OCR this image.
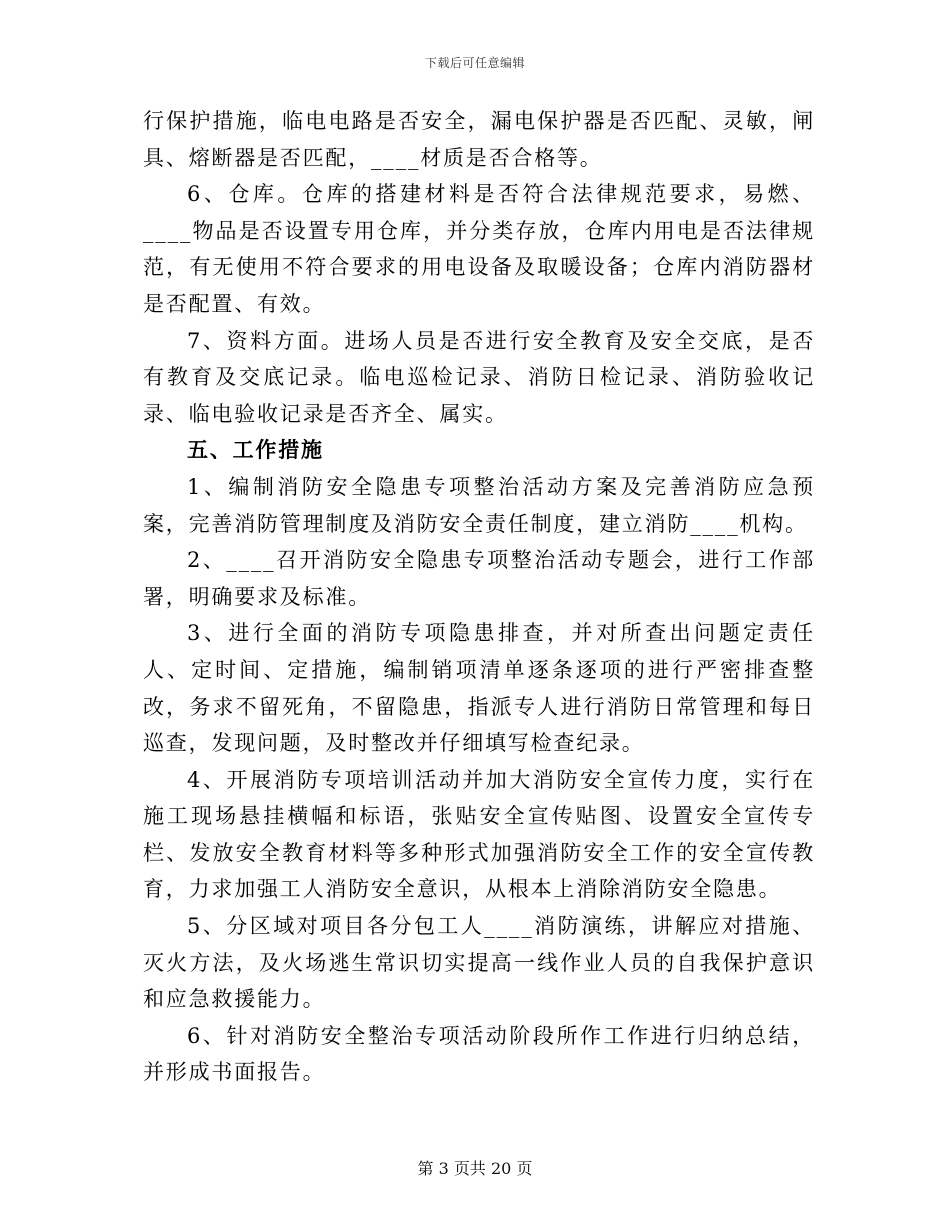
下载后可任意编辑

行保护措施，临电电路是否安全，漏电保护器是否匹配、灵敏，闸具、熔断器是否匹配，____材质是否合格等。

6、仓库。仓库的搭建材料是否符合法律规范要求，易燃、____物品是否设置专用仓库，并分类存放，仓库内用电是否法律规范，有无使用不符合要求的用电设备及取暖设备；仓库内消防器材是否配置、有效。

7、资料方面。进场人员是否进行安全教育及安全交底，是否有教育及交底记录。临电巡检记录、消防日检记录、消防验收记录、临电验收记录是否齐全、属实。

五、工作措施

1、编制消防安全隐患专项整治活动方案及完善消防应急预案，完善消防管理制度及消防安全责任制度，建立消防____机构。

2、____召开消防安全隐患专项整治活动专题会，进行工作部署，明确要求及标准。

3、进行全面的消防专项隐患排查，并对所查出问题定责任人、定时间、定措施，编制销项清单逐条逐项的进行严密排查整改，务求不留死角，不留隐患，指派专人进行消防日常管理和每日巡查，发现问题，及时整改并仔细填写检查纪录。

4、开展消防专项培训活动并加大消防安全宣传力度，实行在施工现场悬挂横幅和标语，张贴安全宣传贴图、设置安全宣传专栏、发放安全教育材料等多种形式加强消防安全工作的安全宣传教育，力求加强工人消防安全意识，从根本上消除消防安全隐患。

5、分区域对项目各分包工人____消防演练，讲解应对措施、灭火方法，及火场逃生常识切实提高一线作业人员的自我保护意识和应急救援能力。

6、针对消防安全整治专项活动阶段所作工作进行归纳总结，并形成书面报告。

第 3 页共 20 页
